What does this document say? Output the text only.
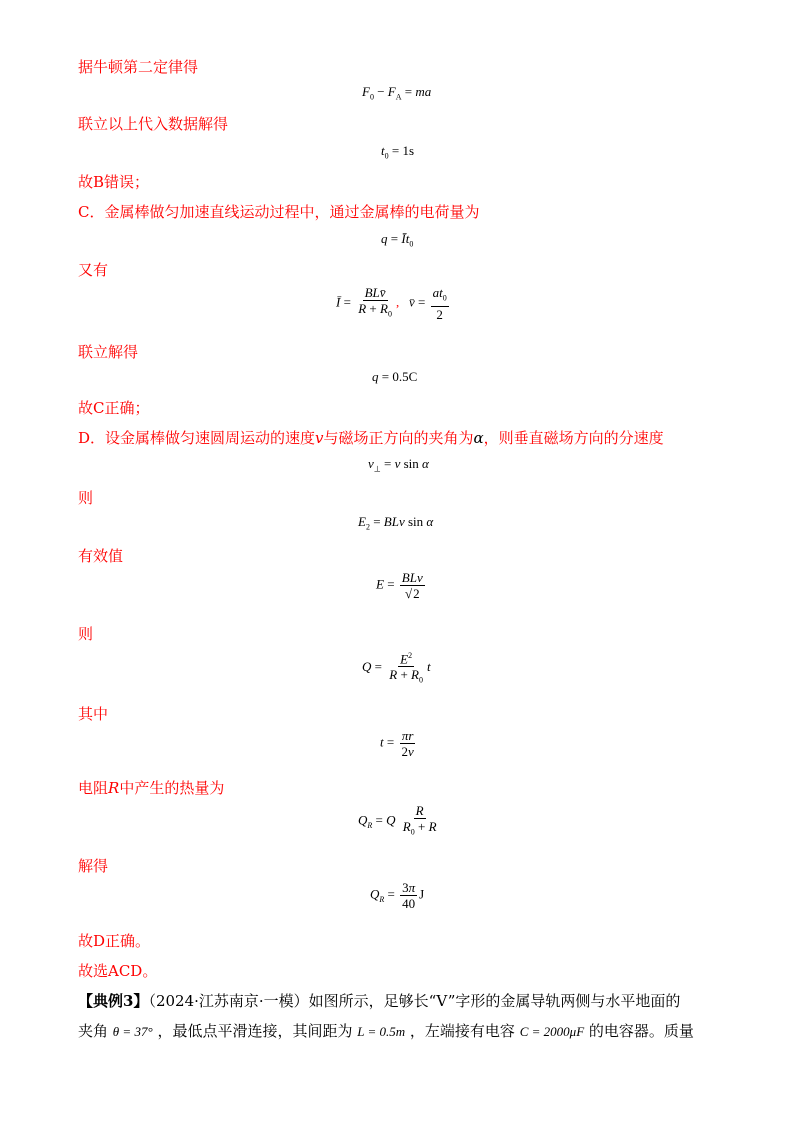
据牛顿第二定律得
$F_0 - F_A$ = ma
联立以上代入数据解得
$t_0 = 1s$
故B错误；
C．金属棒做匀加速直线运动过程中，通过金属棒的电荷量为
$q = Īt_0$
又有
Ī = $\frac{\text{BLv̄}}{R + R_0}$ , v̄ = $\frac{at_0}{2}$
联立解得
q = 0.5C
故C正确；
D．设金属棒做匀速圆周运动的速度v与磁场正方向的夹角为α，则垂直磁场方向的分速度
$v_\perp = v$ sin α
则
$E_2$ = BLv sin α
有效值
$E = \frac{\text{BLv}}{√2}$
则
$Q = \frac{E^2}{R + R_0}$ t
其中
$t = \frac{\pi r}{2v}$
电阻R中产生的热量为
$Q_R = Q \frac{R}{R_0 + R}$
解得
$Q_R = \frac{3\pi}{40}$ J
故D正确。
故选ACD。
【典例3】（2024·江苏南京·一模）如图所示，足够长“V”字形的金属导轨两侧与水平地面的
夹角 θ = 37° ，最低点平滑连接，其间距为 L = 0.5m ，左端接有电容 C = 2000μF 的电容器。质量
